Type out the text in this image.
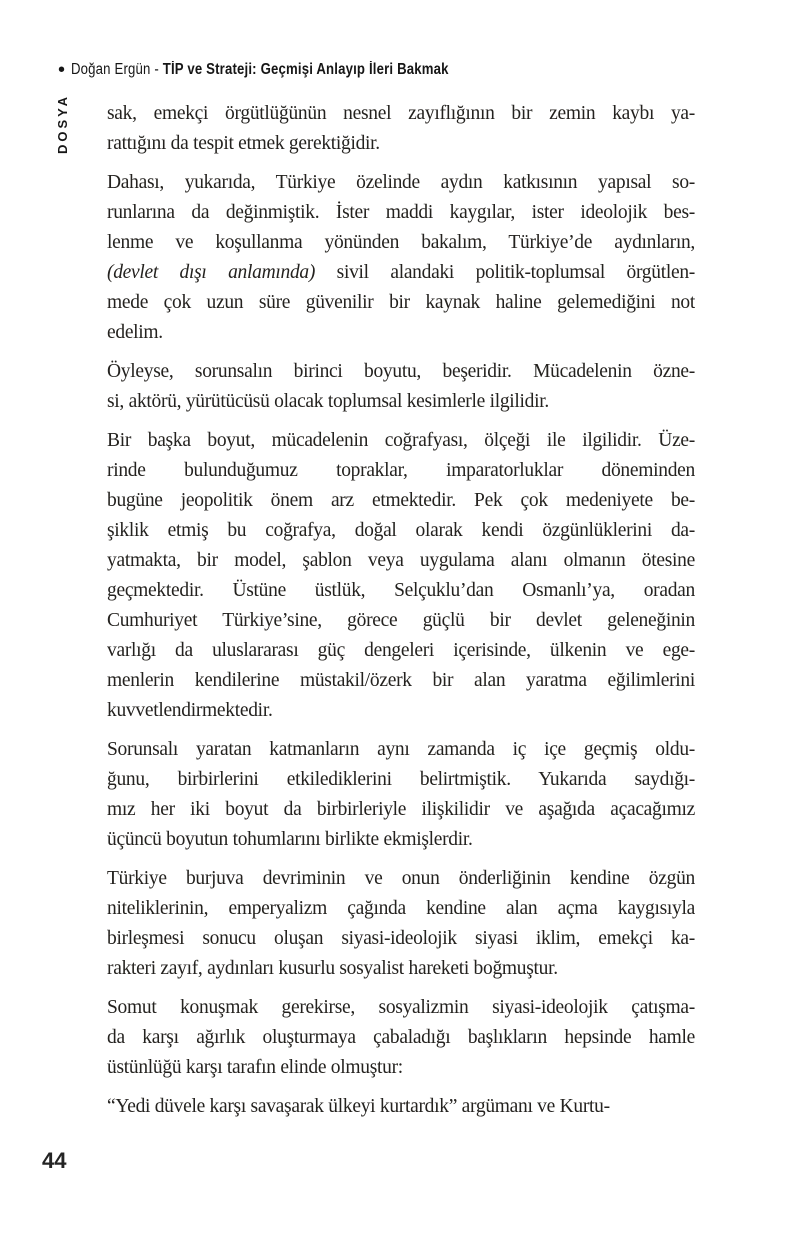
• Doğan Ergün - TİP ve Strateji: Geçmişi Anlayıp İleri Bakmak
DOSYA sak, emekçi örgütlüğünün nesnel zayıflığının bir zemin kaybı ya-
rattığını da tespit etmek gerektiğidir.
Dahası, yukarıda, Türkiye özelinde aydın katkısının yapısal so-
runlarına da değinmiştik. İster maddi kaygılar, ister ideolojik bes-
lenme ve koşullanma yönünden bakalım, Türkiye’de aydınların,
(devlet dışı anlamında) sivil alandaki politik-toplumsal örgütlen-
mede çok uzun süre güvenilir bir kaynak haline gelemediğini not
edelim.
Öyleyse, sorunsalın birinci boyutu, beşeridir. Mücadelenin özne-
si, aktörü, yürütücüsü olacak toplumsal kesimlerle ilgilidir.
Bir başka boyut, mücadelenin coğrafyası, ölçeği ile ilgilidir. Üze-
rinde bulunduğumuz topraklar, imparatorluklar döneminden
bugüne jeopolitik önem arz etmektedir. Pek çok medeniyete be-
şiklik etmiş bu coğrafya, doğal olarak kendi özgünlüklerini da-
yatmakta, bir model, şablon veya uygulama alanı olmanın ötesine
geçmektedir. Üstüne üstlük, Selçuklu’dan Osmanlı’ya, oradan
Cumhuriyet Türkiye’sine, görece güçlü bir devlet geleneğinin
varlığı da uluslararası güç dengeleri içerisinde, ülkenin ve ege-
menlerin kendilerine müstakil/özerk bir alan yaratma eğilimlerini
kuvvetlendirmektedir.
Sorunsalı yaratan katmanların aynı zamanda iç içe geçmiş oldu-
ğunu, birbirlerini etkilediklerini belirtmiştik. Yukarıda saydığı-
mız her iki boyut da birbirleriyle ilişkilidir ve aşağıda açacağımız
üçüncü boyutun tohumlarını birlikte ekmişlerdir.
Türkiye burjuva devriminin ve onun önderliğinin kendine özgün
niteliklerinin, emperyalizm çağında kendine alan açma kaygısıyla
birleşmesi sonucu oluşan siyasi-ideolojik siyasi iklim, emekçi ka-
rakteri zayıf, aydınları kusurlu sosyalist hareketi boğmuştur.
Somut konuşmak gerekirse, sosyalizmin siyasi-ideolojik çatışma-
da karşı ağırlık oluşturmaya çabaladığı başlıkların hepsinde hamle
üstünlüğü karşı tarafın elinde olmuştur:
“Yedi düvele karşı savaşarak ülkeyi kurtardık” argümanı ve Kurtu-
44
